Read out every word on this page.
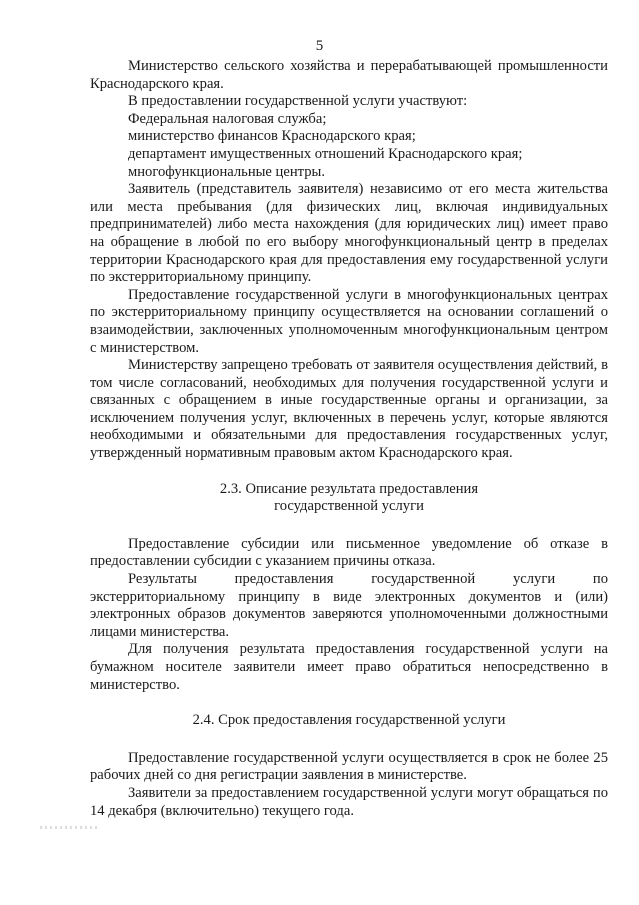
5

Министерство сельского хозяйства и перерабатывающей промышленности Краснодарского края.

В предоставлении государственной услуги участвуют:

Федеральная налоговая служба;

министерство финансов Краснодарского края;

департамент имущественных отношений Краснодарского края;

многофункциональные центры.

Заявитель (представитель заявителя) независимо от его места жительства или места пребывания (для физических лиц, включая индивидуальных предпринимателей) либо места нахождения (для юридических лиц) имеет право на обращение в любой по его выбору многофункциональный центр в пределах территории Краснодарского края для предоставления ему государственной услуги по экстерриториальному принципу.

Предоставление государственной услуги в многофункциональных центрах по экстерриториальному принципу осуществляется на основании соглашений о взаимодействии, заключенных уполномоченным многофункциональным центром с министерством.

Министерству запрещено требовать от заявителя осуществления действий, в том числе согласований, необходимых для получения государственной услуги и связанных с обращением в иные государственные органы и организации, за исключением получения услуг, включенных в перечень услуг, которые являются необходимыми и обязательными для предоставления государственных услуг, утвержденный нормативным правовым актом Краснодарского края.

2.3. Описание результата предоставления

государственной услуги

Предоставление субсидии или письменное уведомление об отказе в предоставлении субсидии с указанием причины отказа.

Результаты предоставления государственной услуги по экстерриториальному принципу в виде электронных документов и (или) электронных образов документов заверяются уполномоченными должностными лицами министерства.

Для получения результата предоставления государственной услуги на бумажном носителе заявители имеет право обратиться непосредственно в министерство.

2.4. Срок предоставления государственной услуги

Предоставление государственной услуги осуществляется в срок не более 25 рабочих дней со дня регистрации заявления в министерстве.

Заявители за предоставлением государственной услуги могут обращаться по 14 декабря (включительно) текущего года.
